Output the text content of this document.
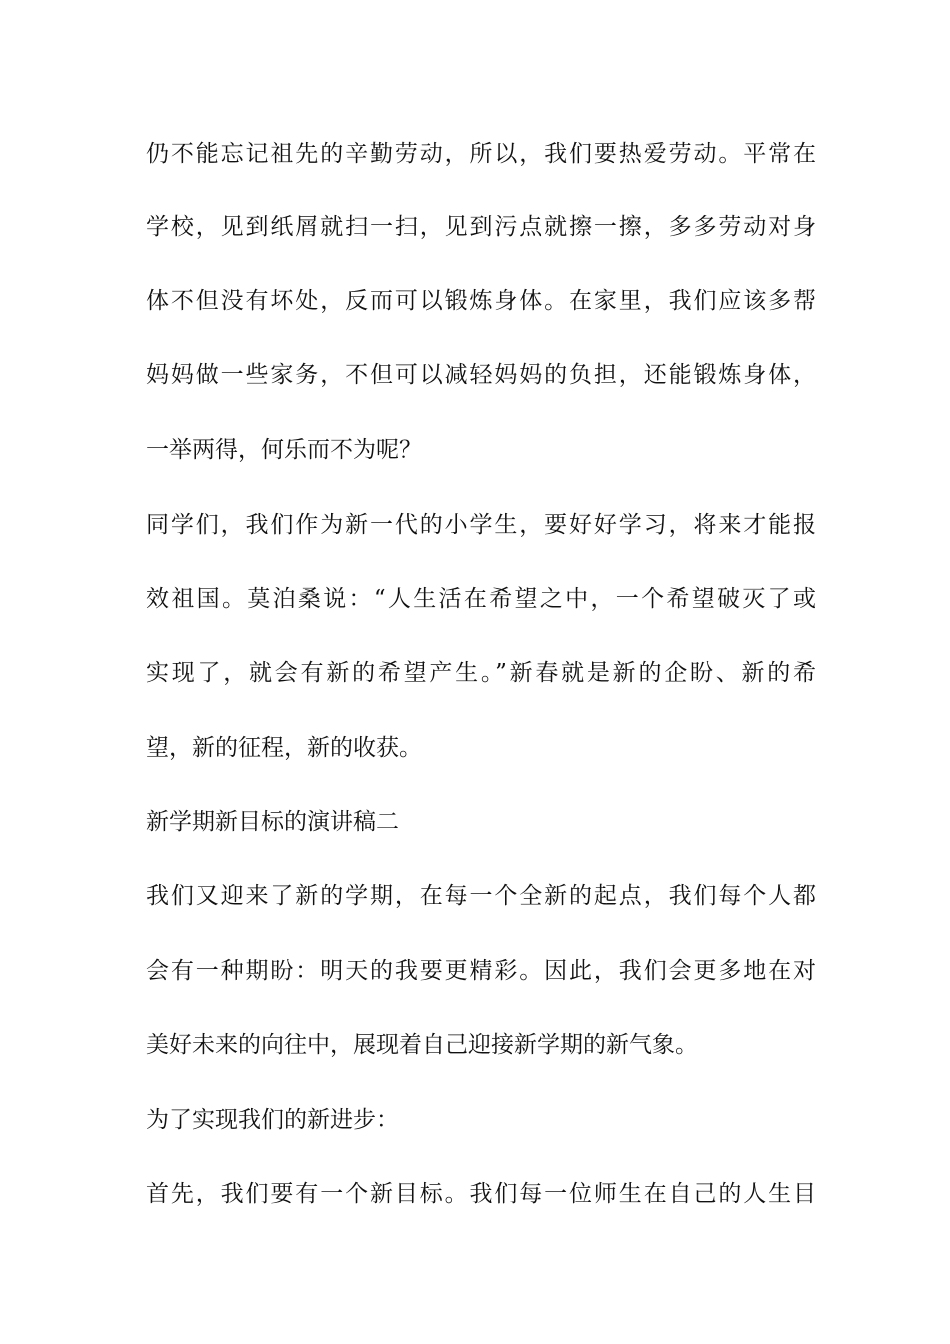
仍不能忘记祖先的辛勤劳动，所以，我们要热爱劳动。平常在
学校，见到纸屑就扫一扫，见到污点就擦一擦，多多劳动对身
体不但没有坏处，反而可以锻炼身体。在家里，我们应该多帮
妈妈做一些家务，不但可以减轻妈妈的负担，还能锻炼身体，
一举两得，何乐而不为呢？
同学们，我们作为新一代的小学生，要好好学习，将来才能报
效祖国。莫泊桑说：“人生活在希望之中，一个希望破灭了或
实现了，就会有新的希望产生。”新春就是新的企盼、新的希
望，新的征程，新的收获。
新学期新目标的演讲稿二
我们又迎来了新的学期，在每一个全新的起点，我们每个人都
会有一种期盼：明天的我要更精彩。因此，我们会更多地在对
美好未来的向往中，展现着自己迎接新学期的新气象。
为了实现我们的新进步：
首先，我们要有一个新目标。我们每一位师生在自己的人生目
